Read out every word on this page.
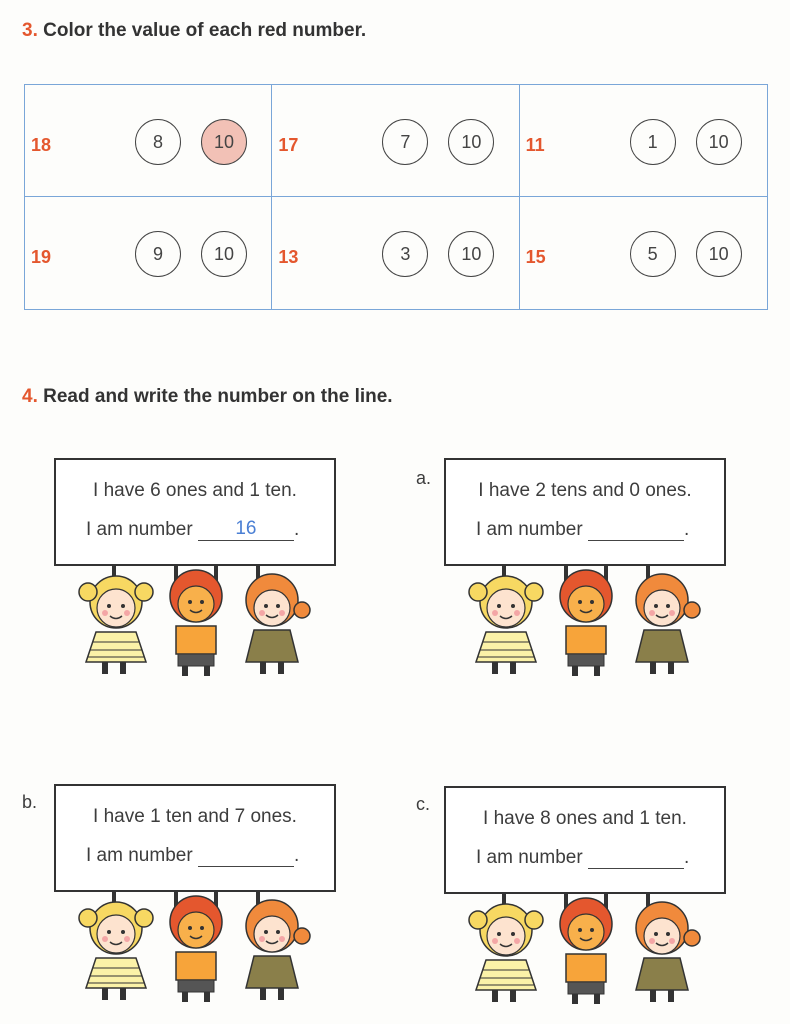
3. Color the value of each red number.
18	8	10	17	7	10	11	1	10
19	9	10	13	3	10	15	5	10
4. Read and write the number on the line.
I have 6 ones and 1 ten.
I am number 16 .
a.
I have 2 tens and 0 ones.
I am number	.
b.
I have 1 ten and 7 ones.
I am number	.
c.
I have 8 ones and 1 ten.
I am number	.
